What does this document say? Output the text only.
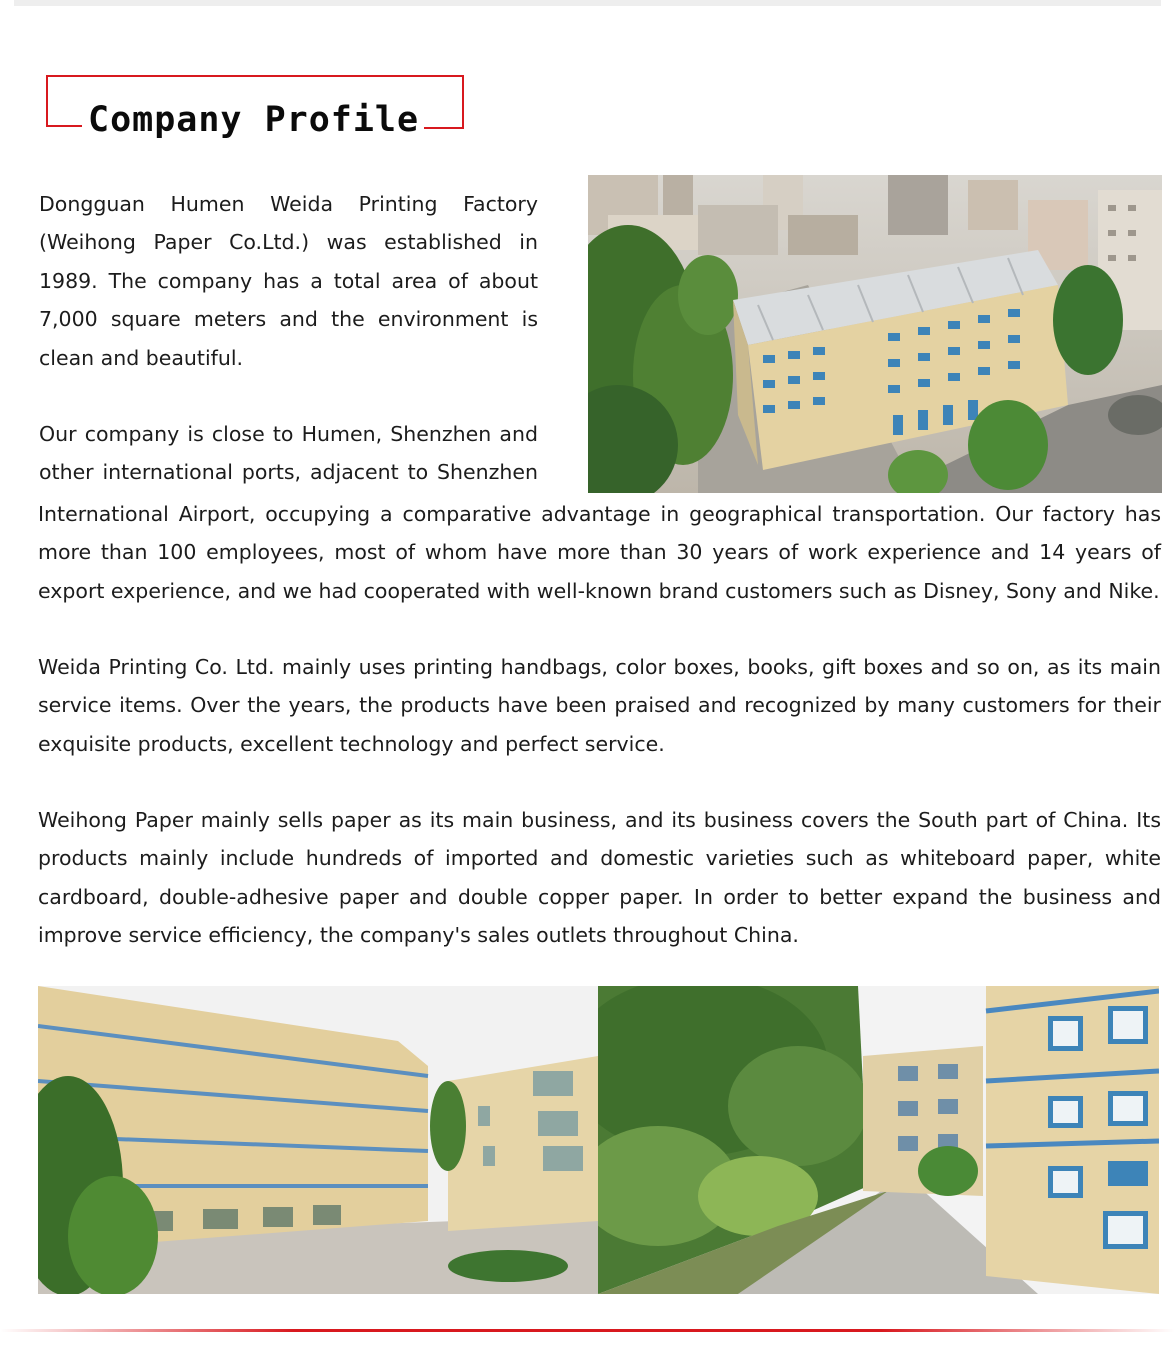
Company Profile

Dongguan Humen Weida Printing Factory (Weihong Paper Co.Ltd.) was established in 1989. The company has a total area of about 7,000 square meters and the environment is clean and beautiful.

Our company is close to Humen, Shenzhen and other international ports, adjacent to Shenzhen

International Airport, occupying a comparative advantage in geographical transportation. Our factory has more than 100 employees, most of whom have more than 30 years of work experience and 14 years of export experience, and we had cooperated with well-known brand customers such as Disney, Sony and Nike.

Weida Printing Co. Ltd. mainly uses printing handbags, color boxes, books, gift boxes and so on, as its main service items. Over the years, the products have been praised and recognized by many customers for their exquisite products, excellent technology and perfect service.

Weihong Paper mainly sells paper as its main business, and its business covers the South part of China. Its products mainly include hundreds of imported and domestic varieties such as whiteboard paper, white cardboard, double-adhesive paper and double copper paper. In order to better expand the business and improve service efficiency, the company's sales outlets throughout China.
